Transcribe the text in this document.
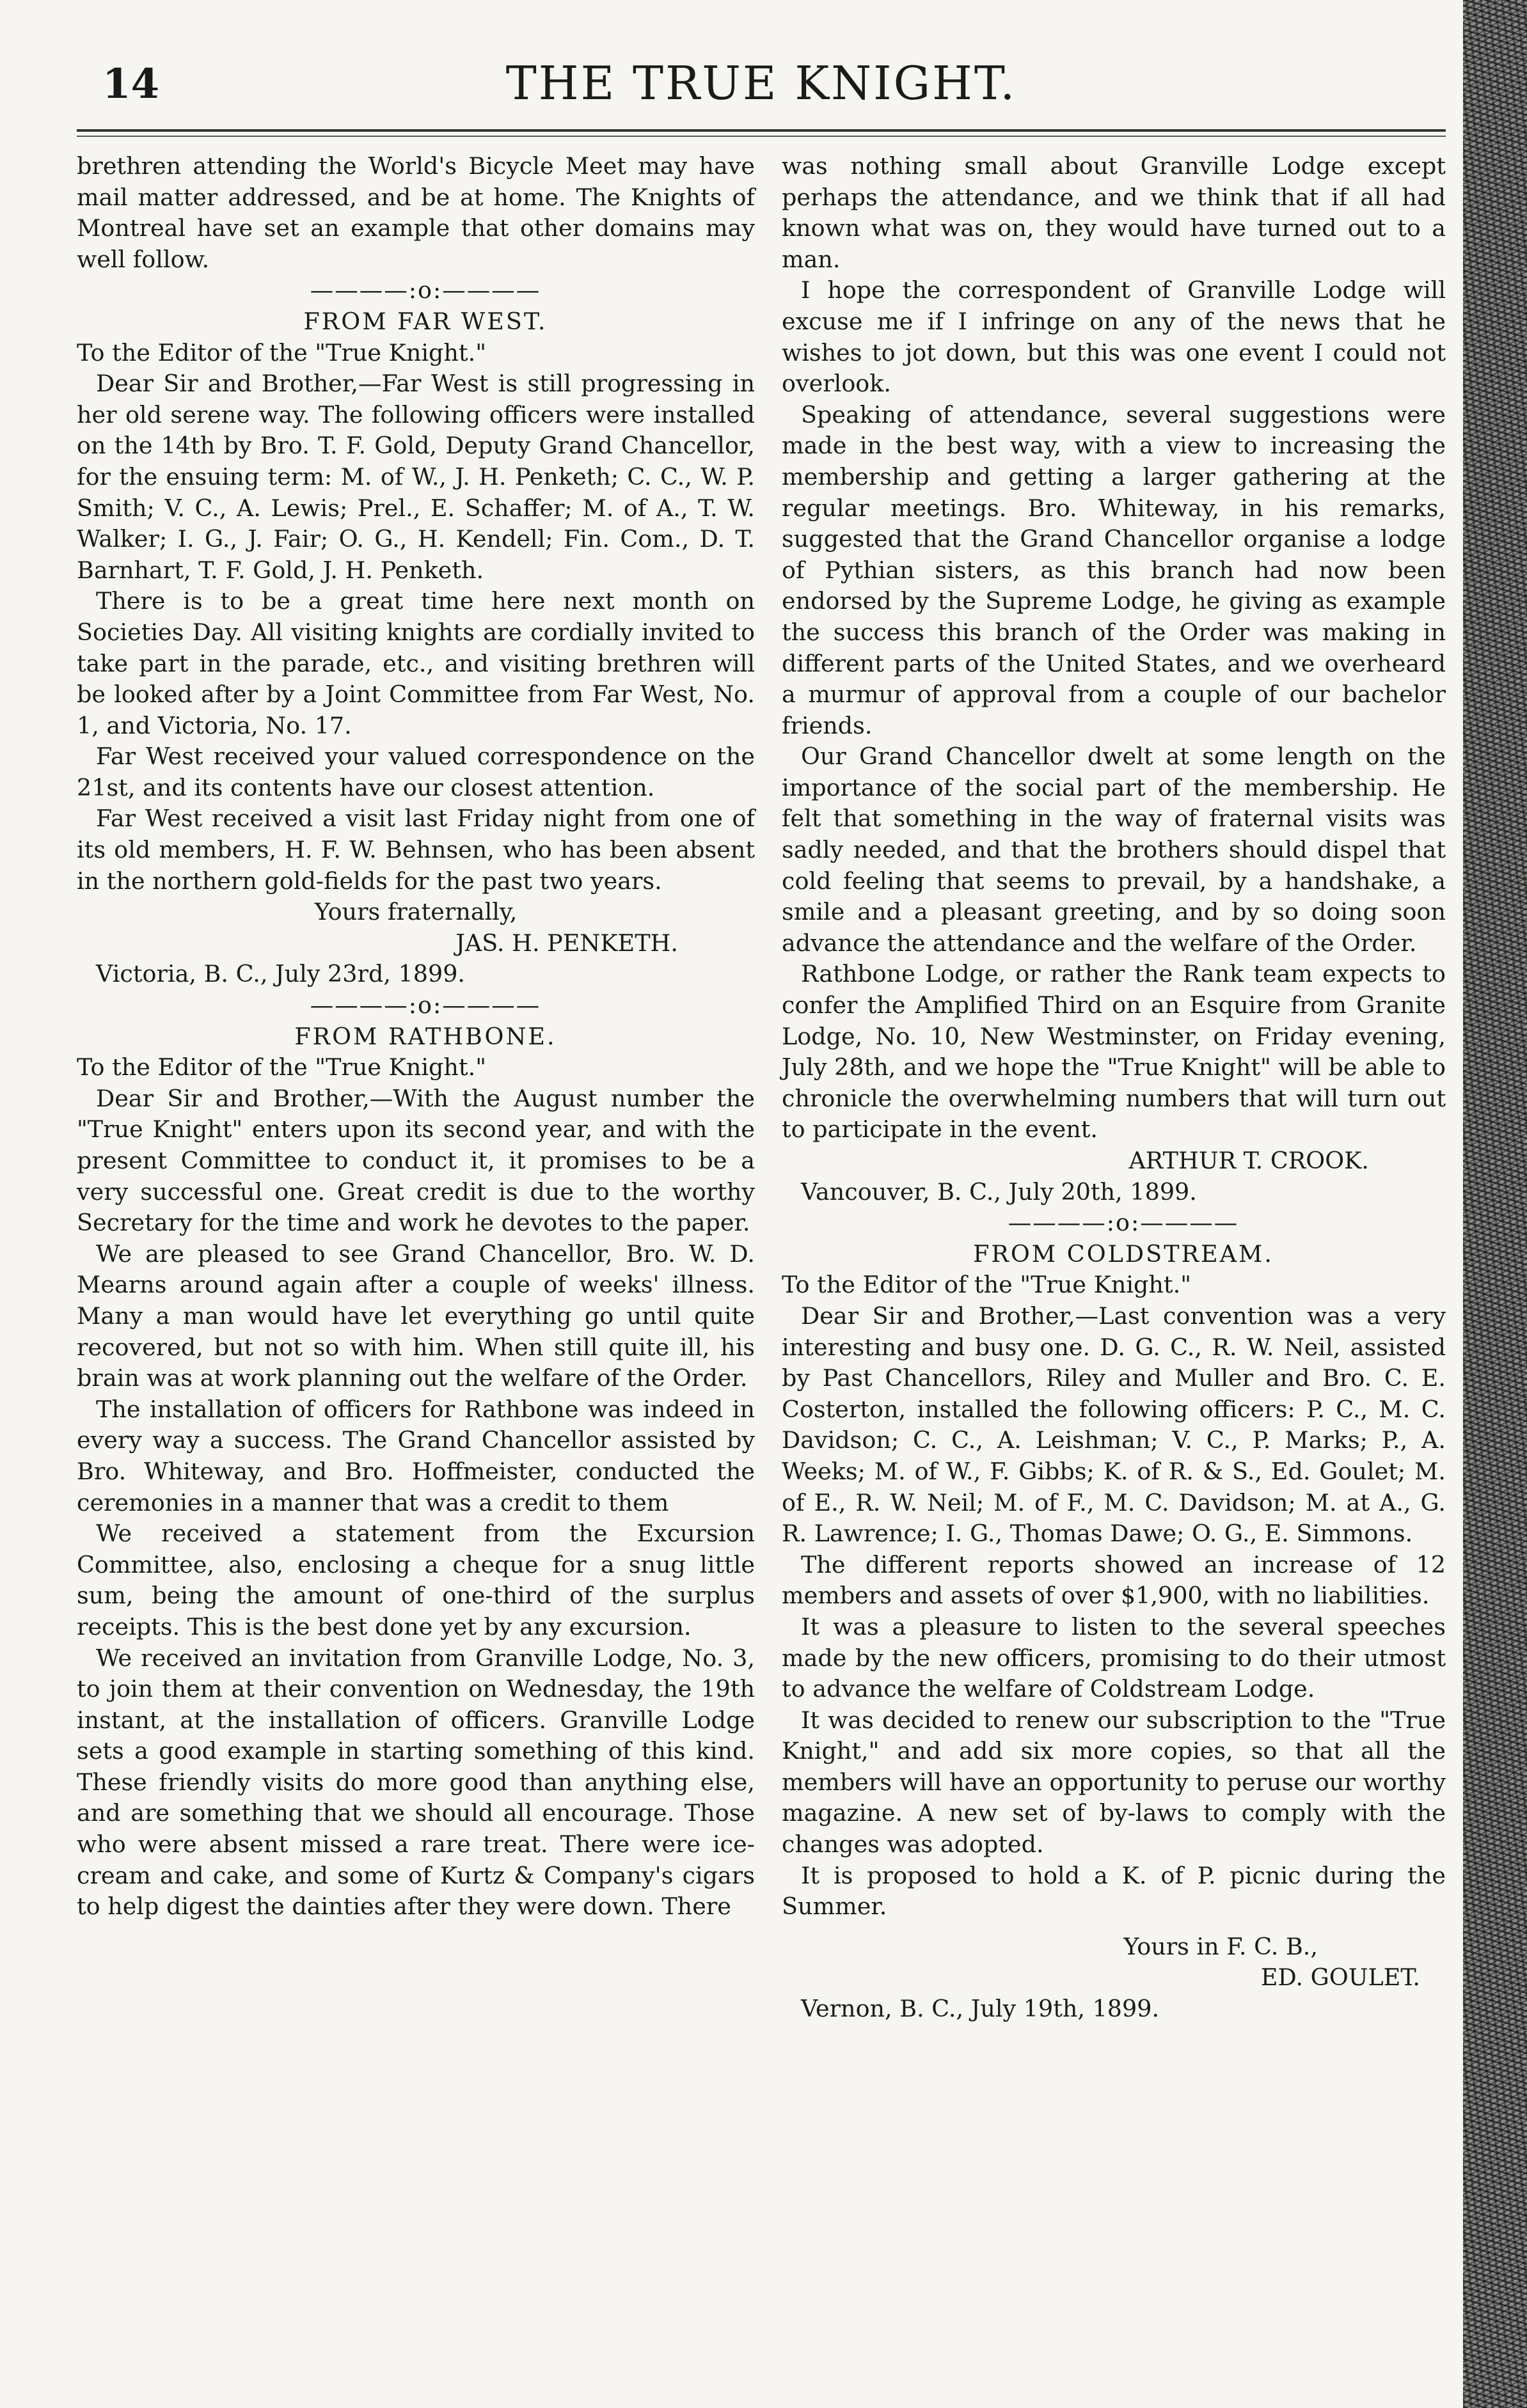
14	THE TRUE KNIGHT.

brethren attending the World's Bicycle Meet may have mail matter addressed, and be at home. The Knights of Montreal have set an example that other domains may well follow.

————:o:————

FROM FAR WEST.

To the Editor of the "True Knight."

Dear Sir and Brother,—Far West is still progressing in her old serene way. The following officers were installed on the 14th by Bro. T. F. Gold, Deputy Grand Chancellor, for the ensuing term: M. of W., J. H. Penketh; C. C., W. P. Smith; V. C., A. Lewis; Prel., E. Schaffer; M. of A., T. W. Walker; I. G., J. Fair; O. G., H. Kendell; Fin. Com., D. T. Barnhart, T. F. Gold, J. H. Penketh.

There is to be a great time here next month on Societies Day. All visiting knights are cordially invited to take part in the parade, etc., and visiting brethren will be looked after by a Joint Committee from Far West, No. 1, and Victoria, No. 17.

Far West received your valued correspondence on the 21st, and its contents have our closest attention.

Far West received a visit last Friday night from one of its old members, H. F. W. Behnsen, who has been absent in the northern gold-fields for the past two years.

Yours fraternally,

JAS. H. PENKETH.

Victoria, B. C., July 23rd, 1899.

————:o:————

FROM RATHBONE.

To the Editor of the "True Knight."

Dear Sir and Brother,—With the August number the "True Knight" enters upon its second year, and with the present Committee to conduct it, it promises to be a very successful one. Great credit is due to the worthy Secretary for the time and work he devotes to the paper.

We are pleased to see Grand Chancellor, Bro. W. D. Mearns around again after a couple of weeks' illness. Many a man would have let everything go until quite recovered, but not so with him. When still quite ill, his brain was at work planning out the welfare of the Order.

The installation of officers for Rathbone was indeed in every way a success. The Grand Chancellor assisted by Bro. Whiteway, and Bro. Hoffmeister, conducted the ceremonies in a manner that was a credit to them

We received a statement from the Excursion Committee, also, enclosing a cheque for a snug little sum, being the amount of one-third of the surplus receipts. This is the best done yet by any excursion.

We received an invitation from Granville Lodge, No. 3, to join them at their convention on Wednesday, the 19th instant, at the installation of officers. Granville Lodge sets a good example in starting something of this kind. These friendly visits do more good than anything else, and are something that we should all encourage. Those who were absent missed a rare treat. There were ice-cream and cake, and some of Kurtz & Company's cigars to help digest the dainties after they were down. There

was nothing small about Granville Lodge except perhaps the attendance, and we think that if all had known what was on, they would have turned out to a man.

I hope the correspondent of Granville Lodge will excuse me if I infringe on any of the news that he wishes to jot down, but this was one event I could not overlook.

Speaking of attendance, several suggestions were made in the best way, with a view to increasing the membership and getting a larger gathering at the regular meetings. Bro. Whiteway, in his remarks, suggested that the Grand Chancellor organise a lodge of Pythian sisters, as this branch had now been endorsed by the Supreme Lodge, he giving as example the success this branch of the Order was making in different parts of the United States, and we overheard a murmur of approval from a couple of our bachelor friends.

Our Grand Chancellor dwelt at some length on the importance of the social part of the membership. He felt that something in the way of fraternal visits was sadly needed, and that the brothers should dispel that cold feeling that seems to prevail, by a handshake, a smile and a pleasant greeting, and by so doing soon advance the attendance and the welfare of the Order.

Rathbone Lodge, or rather the Rank team expects to confer the Amplified Third on an Esquire from Granite Lodge, No. 10, New Westminster, on Friday evening, July 28th, and we hope the "True Knight" will be able to chronicle the overwhelming numbers that will turn out to participate in the event.

ARTHUR T. CROOK.

Vancouver, B. C., July 20th, 1899.

————:o:————

FROM COLDSTREAM.

To the Editor of the "True Knight."

Dear Sir and Brother,—Last convention was a very interesting and busy one. D. G. C., R. W. Neil, assisted by Past Chancellors, Riley and Muller and Bro. C. E. Costerton, installed the following officers: P. C., M. C. Davidson; C. C., A. Leishman; V. C., P. Marks; P., A. Weeks; M. of W., F. Gibbs; K. of R. & S., Ed. Goulet; M. of E., R. W. Neil; M. of F., M. C. Davidson; M. at A., G. R. Lawrence; I. G., Thomas Dawe; O. G., E. Simmons.

The different reports showed an increase of 12 members and assets of over $1,900, with no liabilities.

It was a pleasure to listen to the several speeches made by the new officers, promising to do their utmost to advance the welfare of Coldstream Lodge.

It was decided to renew our subscription to the "True Knight," and add six more copies, so that all the members will have an opportunity to peruse our worthy magazine. A new set of by-laws to comply with the changes was adopted.

It is proposed to hold a K. of P. picnic during the Summer.

Yours in F. C. B.,

ED. GOULET.

Vernon, B. C., July 19th, 1899.
